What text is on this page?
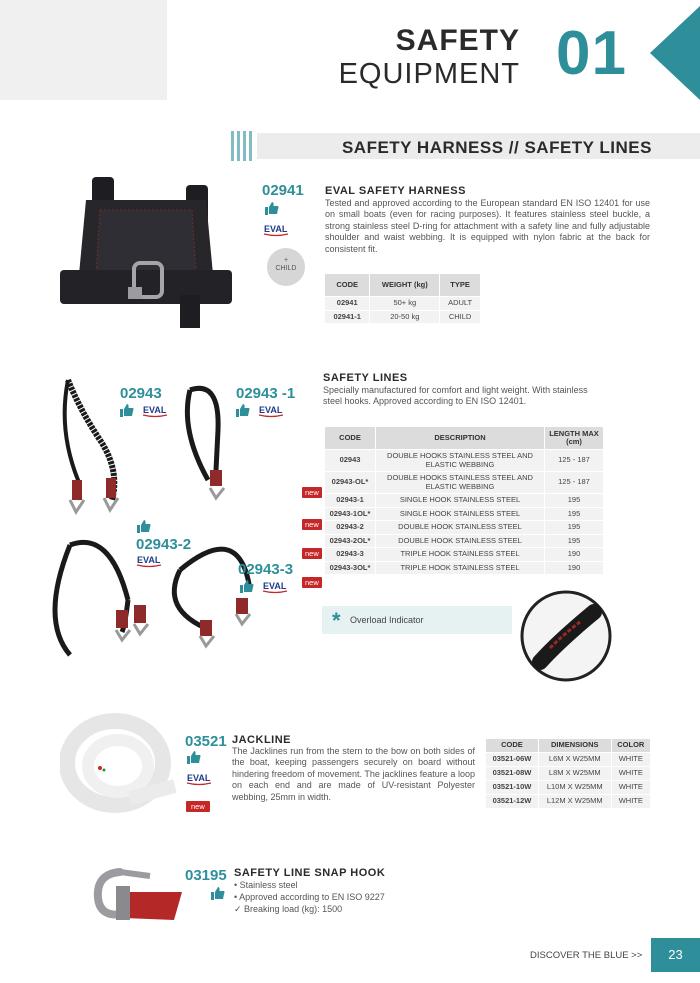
SAFETY
EQUIPMENT 01
SAFETY HARNESS // SAFETY LINES
02941
EVAL
+
CHILD
EVAL SAFETY HARNESS
Tested and approved according to the European standard EN ISO 12401 for use on small boats (even for racing purposes). It features stainless steel buckle, a strong stainless steel D-ring for attachment with a safety line and fully adjustable shoulder and waist webbing. It is equipped with nylon fabric at the back for consistent fit.
CODE	WEIGHT (kg)	TYPE
02941	50+ kg	ADULT
02941-1	20-50 kg	CHILD
02943
EVAL
02943 -1
EVAL
02943-2
EVAL
02943-3
EVAL
SAFETY LINES
Specially manufactured for comfort and light weight. With stainless steel hooks. Approved according to EN ISO 12401.
new
new
new
new
CODE	DESCRIPTION	LENGTH MAX (cm)
02943	DOUBLE HOOKS STAINLESS STEEL AND ELASTIC WEBBING	125 - 187
02943-OL*	DOUBLE HOOKS STAINLESS STEEL AND ELASTIC WEBBING	125 - 187
02943-1	SINGLE HOOK STAINLESS STEEL	195
02943-1OL*	SINGLE HOOK STAINLESS STEEL	195
02943-2	DOUBLE HOOK STAINLESS STEEL	195
02943-2OL*	DOUBLE HOOK STAINLESS STEEL	195
02943-3	TRIPLE HOOK STAINLESS STEEL	190
02943-3OL*	TRIPLE HOOK STAINLESS STEEL	190
* Overload Indicator
03521
EVAL
new
JACKLINE
The Jacklines run from the stern to the bow on both sides of the boat, keeping passengers securely on board without hindering freedom of movement. The jacklines feature a loop on each end and are made of UV-resistant Polyester webbing, 25mm in width.
CODE	DIMENSIONS	COLOR
03521-06W	L6M X W25MM	WHITE
03521-08W	L8M X W25MM	WHITE
03521-10W	L10M X W25MM	WHITE
03521-12W	L12M X W25MM	WHITE
03195 SAFETY LINE SNAP HOOK
• Stainless steel
• Approved according to EN ISO 9227
✓ Breaking load (kg): 1500
DISCOVER THE BLUE >>	23
